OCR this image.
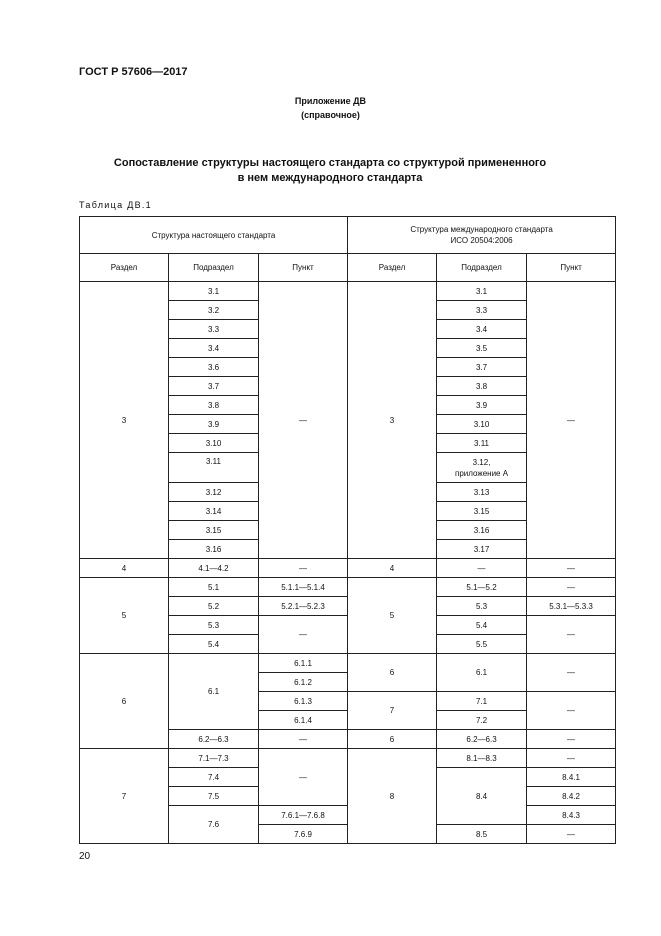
ГОСТ Р 57606—2017
Приложение ДВ
(справочное)
Сопоставление структуры настоящего стандарта со структурой примененного
в нем международного стандарта
Таблица ДВ.1
Структура настоящего стандарта			Структура международного стандарта
ИСО 20504:2006		

Раздел	Подраздел	Пункт	Раздел	Подраздел	Пункт
3	3.1	—	3	3.1	—
	3.2			3.3	
	3.3			3.4	
	3.4			3.5	
	3.6			3.7	
	3.7			3.8	
	3.8			3.9	
	3.9			3.10	
	3.10			3.11	
	3.11			3.12,
приложение А	

	3.12			3.13	
	3.14			3.15	
	3.15			3.16	
	3.16			3.17	
4	4.1—4.2	—	4	—	—
5	5.1	5.1.1—5.1.4	5	5.1—5.2	—
	5.2	5.2.1—5.2.3		5.3	5.3.1—5.3.3
	5.3	—		5.4	—
	5.4			5.5	
6	6.1	6.1.1	6	6.1	—
		6.1.2			
		6.1.3	7	7.1	—
		6.1.4		7.2	
	6.2—6.3	—	6	6.2—6.3	—
7	7.1—7.3	—	8	8.1—8.3	—
	7.4			8.4	8.4.1
	7.5				8.4.2
	7.6	7.6.1—7.6.8			8.4.3
		7.6.9		8.5	—
20
